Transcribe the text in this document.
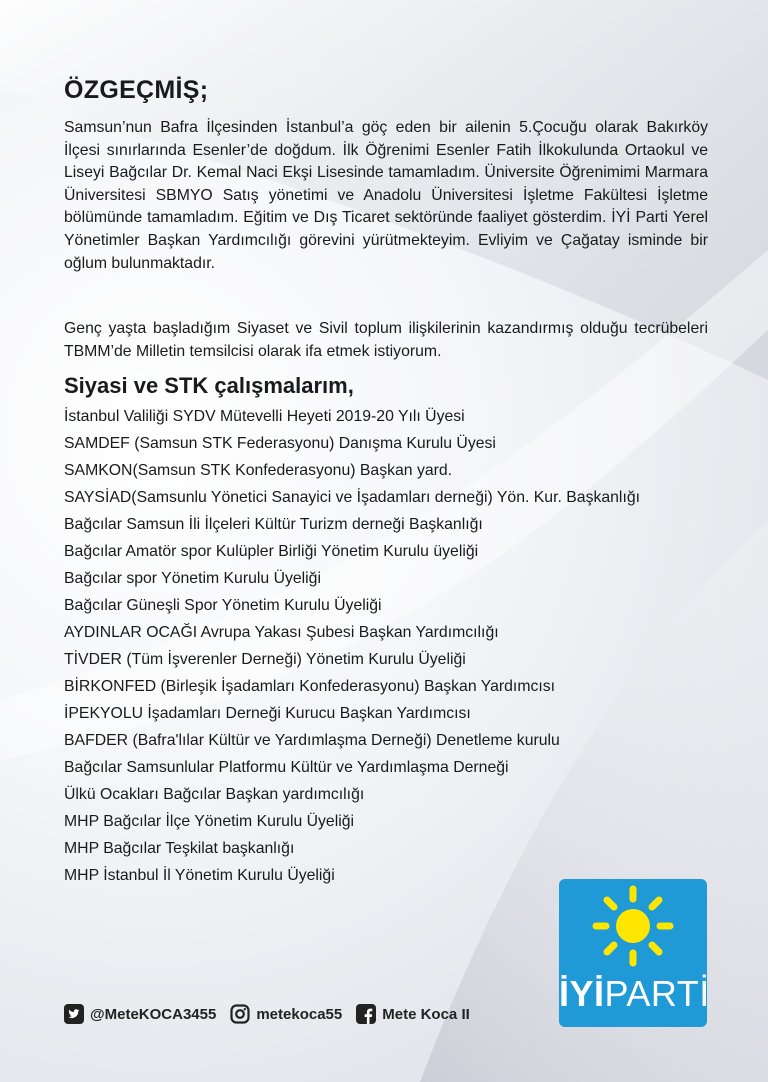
ÖZGEÇMİŞ;

Samsun’nun Bafra İlçesinden İstanbul’a göç eden bir ailenin 5.Çocuğu olarak Bakırköy İlçesi sınırlarında Esenler’de doğdum. İlk Öğrenimi Esenler Fatih İlkokulunda Ortaokul ve Liseyi Bağcılar Dr. Kemal Naci Ekşi Lisesinde tamamladım. Üniversite Öğrenimimi Marmara Üniversitesi SBMYO Satış yönetimi ve Anadolu Üniversitesi İşletme Fakültesi İşletme bölümünde tamamladım. Eğitim ve Dış Ticaret sektöründe faaliyet gösterdim. İYİ Parti Yerel Yönetimler Başkan Yardımcılığı görevini yürütmekteyim. Evliyim ve Çağatay isminde bir oğlum bulunmaktadır.

Genç yaşta başladığım Siyaset ve Sivil toplum ilişkilerinin kazandırmış olduğu tecrübeleri TBMM’de Milletin temsilcisi olarak ifa etmek istiyorum.

Siyasi ve STK çalışmalarım,
İstanbul Valiliği SYDV Mütevelli Heyeti 2019-20 Yılı Üyesi
SAMDEF (Samsun STK Federasyonu) Danışma Kurulu Üyesi
SAMKON(Samsun STK Konfederasyonu) Başkan yard.
SAYSİAD(Samsunlu Yönetici Sanayici ve İşadamları derneği) Yön. Kur. Başkanlığı
Bağcılar Samsun İli İlçeleri Kültür Turizm derneği Başkanlığı
Bağcılar Amatör spor Kulüpler Birliği Yönetim Kurulu üyeliği
Bağcılar spor Yönetim Kurulu Üyeliği
Bağcılar Güneşli Spor Yönetim Kurulu Üyeliği
AYDINLAR OCAĞI Avrupa Yakası Şubesi Başkan Yardımcılığı
TİVDER (Tüm İşverenler Derneği) Yönetim Kurulu Üyeliği
BİRKONFED (Birleşik İşadamları Konfederasyonu) Başkan Yardımcısı
İPEKYOLU İşadamları Derneği Kurucu Başkan Yardımcısı
BAFDER (Bafra'lılar Kültür ve Yardımlaşma Derneği) Denetleme kurulu
Bağcılar Samsunlular Platformu Kültür ve Yardımlaşma Derneği
Ülkü Ocakları Bağcılar Başkan yardımcılığı
MHP Bağcılar İlçe Yönetim Kurulu Üyeliği
MHP Bağcılar Teşkilat başkanlığı
MHP İstanbul İl Yönetim Kurulu Üyeliği
@MeteKOCA3455	metekoca55	Mete Koca II İYİPARTİ
